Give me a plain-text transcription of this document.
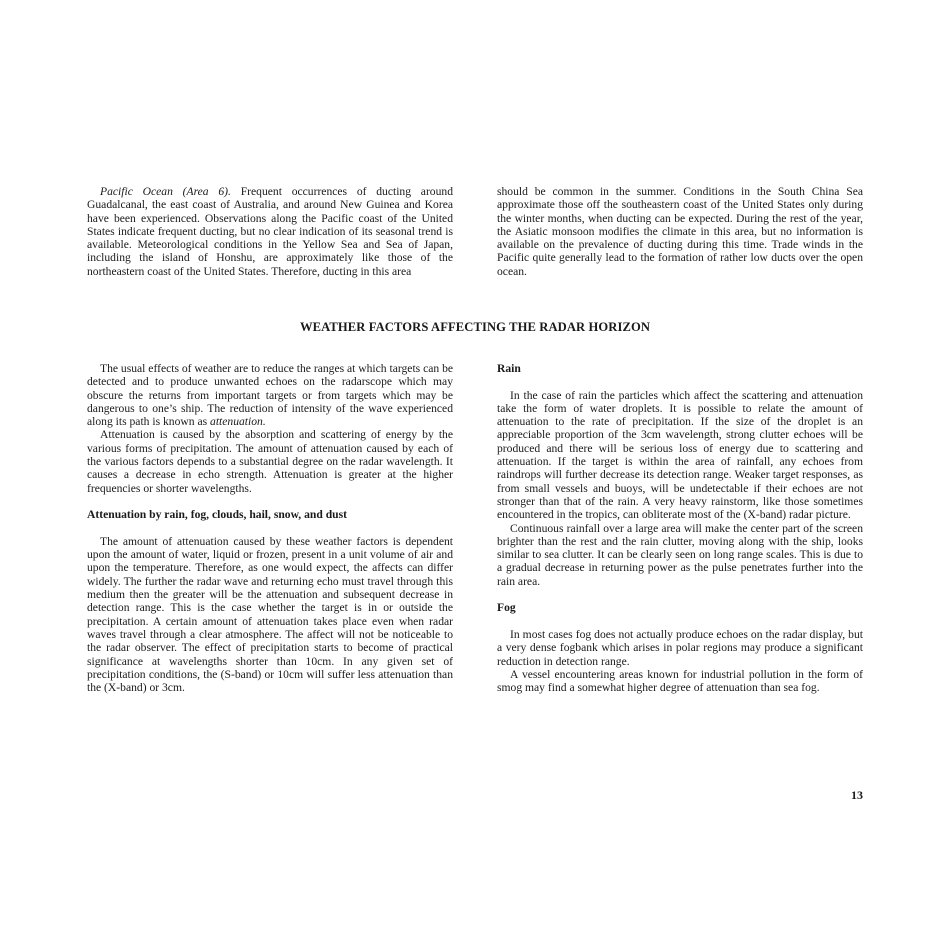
Pacific Ocean (Area 6). Frequent occurrences of ducting around Guadalcanal, the east coast of Australia, and around New Guinea and Korea have been experienced. Observations along the Pacific coast of the United States indicate frequent ducting, but no clear indication of its seasonal trend is available. Meteorological conditions in the Yellow Sea and Sea of Japan, including the island of Honshu, are approximately like those of the northeastern coast of the United States. Therefore, ducting in this area

should be common in the summer. Conditions in the South China Sea approximate those off the southeastern coast of the United States only during the winter months, when ducting can be expected. During the rest of the year, the Asiatic monsoon modifies the climate in this area, but no information is available on the prevalence of ducting during this time. Trade winds in the Pacific quite generally lead to the formation of rather low ducts over the open ocean.

WEATHER FACTORS AFFECTING THE RADAR HORIZON

The usual effects of weather are to reduce the ranges at which targets can be detected and to produce unwanted echoes on the radarscope which may obscure the returns from important targets or from targets which may be dangerous to one’s ship. The reduction of intensity of the wave experienced along its path is known as attenuation.

Attenuation is caused by the absorption and scattering of energy by the various forms of precipitation. The amount of attenuation caused by each of the various factors depends to a substantial degree on the radar wavelength. It causes a decrease in echo strength. Attenuation is greater at the higher frequencies or shorter wavelengths.

Attenuation by rain, fog, clouds, hail, snow, and dust

The amount of attenuation caused by these weather factors is dependent upon the amount of water, liquid or frozen, present in a unit volume of air and upon the temperature. Therefore, as one would expect, the affects can differ widely. The further the radar wave and returning echo must travel through this medium then the greater will be the attenuation and subsequent decrease in detection range. This is the case whether the target is in or outside the precipitation. A certain amount of attenuation takes place even when radar waves travel through a clear atmosphere. The affect will not be noticeable to the radar observer. The effect of precipitation starts to become of practical significance at wavelengths shorter than 10cm. In any given set of precipitation conditions, the (S-band) or 10cm will suffer less attenuation than the (X-band) or 3cm.

Rain

In the case of rain the particles which affect the scattering and attenuation take the form of water droplets. It is possible to relate the amount of attenuation to the rate of precipitation. If the size of the droplet is an appreciable proportion of the 3cm wavelength, strong clutter echoes will be produced and there will be serious loss of energy due to scattering and attenuation. If the target is within the area of rainfall, any echoes from raindrops will further decrease its detection range. Weaker target responses, as from small vessels and buoys, will be undetectable if their echoes are not stronger than that of the rain. A very heavy rainstorm, like those sometimes encountered in the tropics, can obliterate most of the (X-band) radar picture.

Continuous rainfall over a large area will make the center part of the screen brighter than the rest and the rain clutter, moving along with the ship, looks similar to sea clutter. It can be clearly seen on long range scales. This is due to a gradual decrease in returning power as the pulse penetrates further into the rain area.

Fog

In most cases fog does not actually produce echoes on the radar display, but a very dense fogbank which arises in polar regions may produce a significant reduction in detection range.

A vessel encountering areas known for industrial pollution in the form of smog may find a somewhat higher degree of attenuation than sea fog.

13
